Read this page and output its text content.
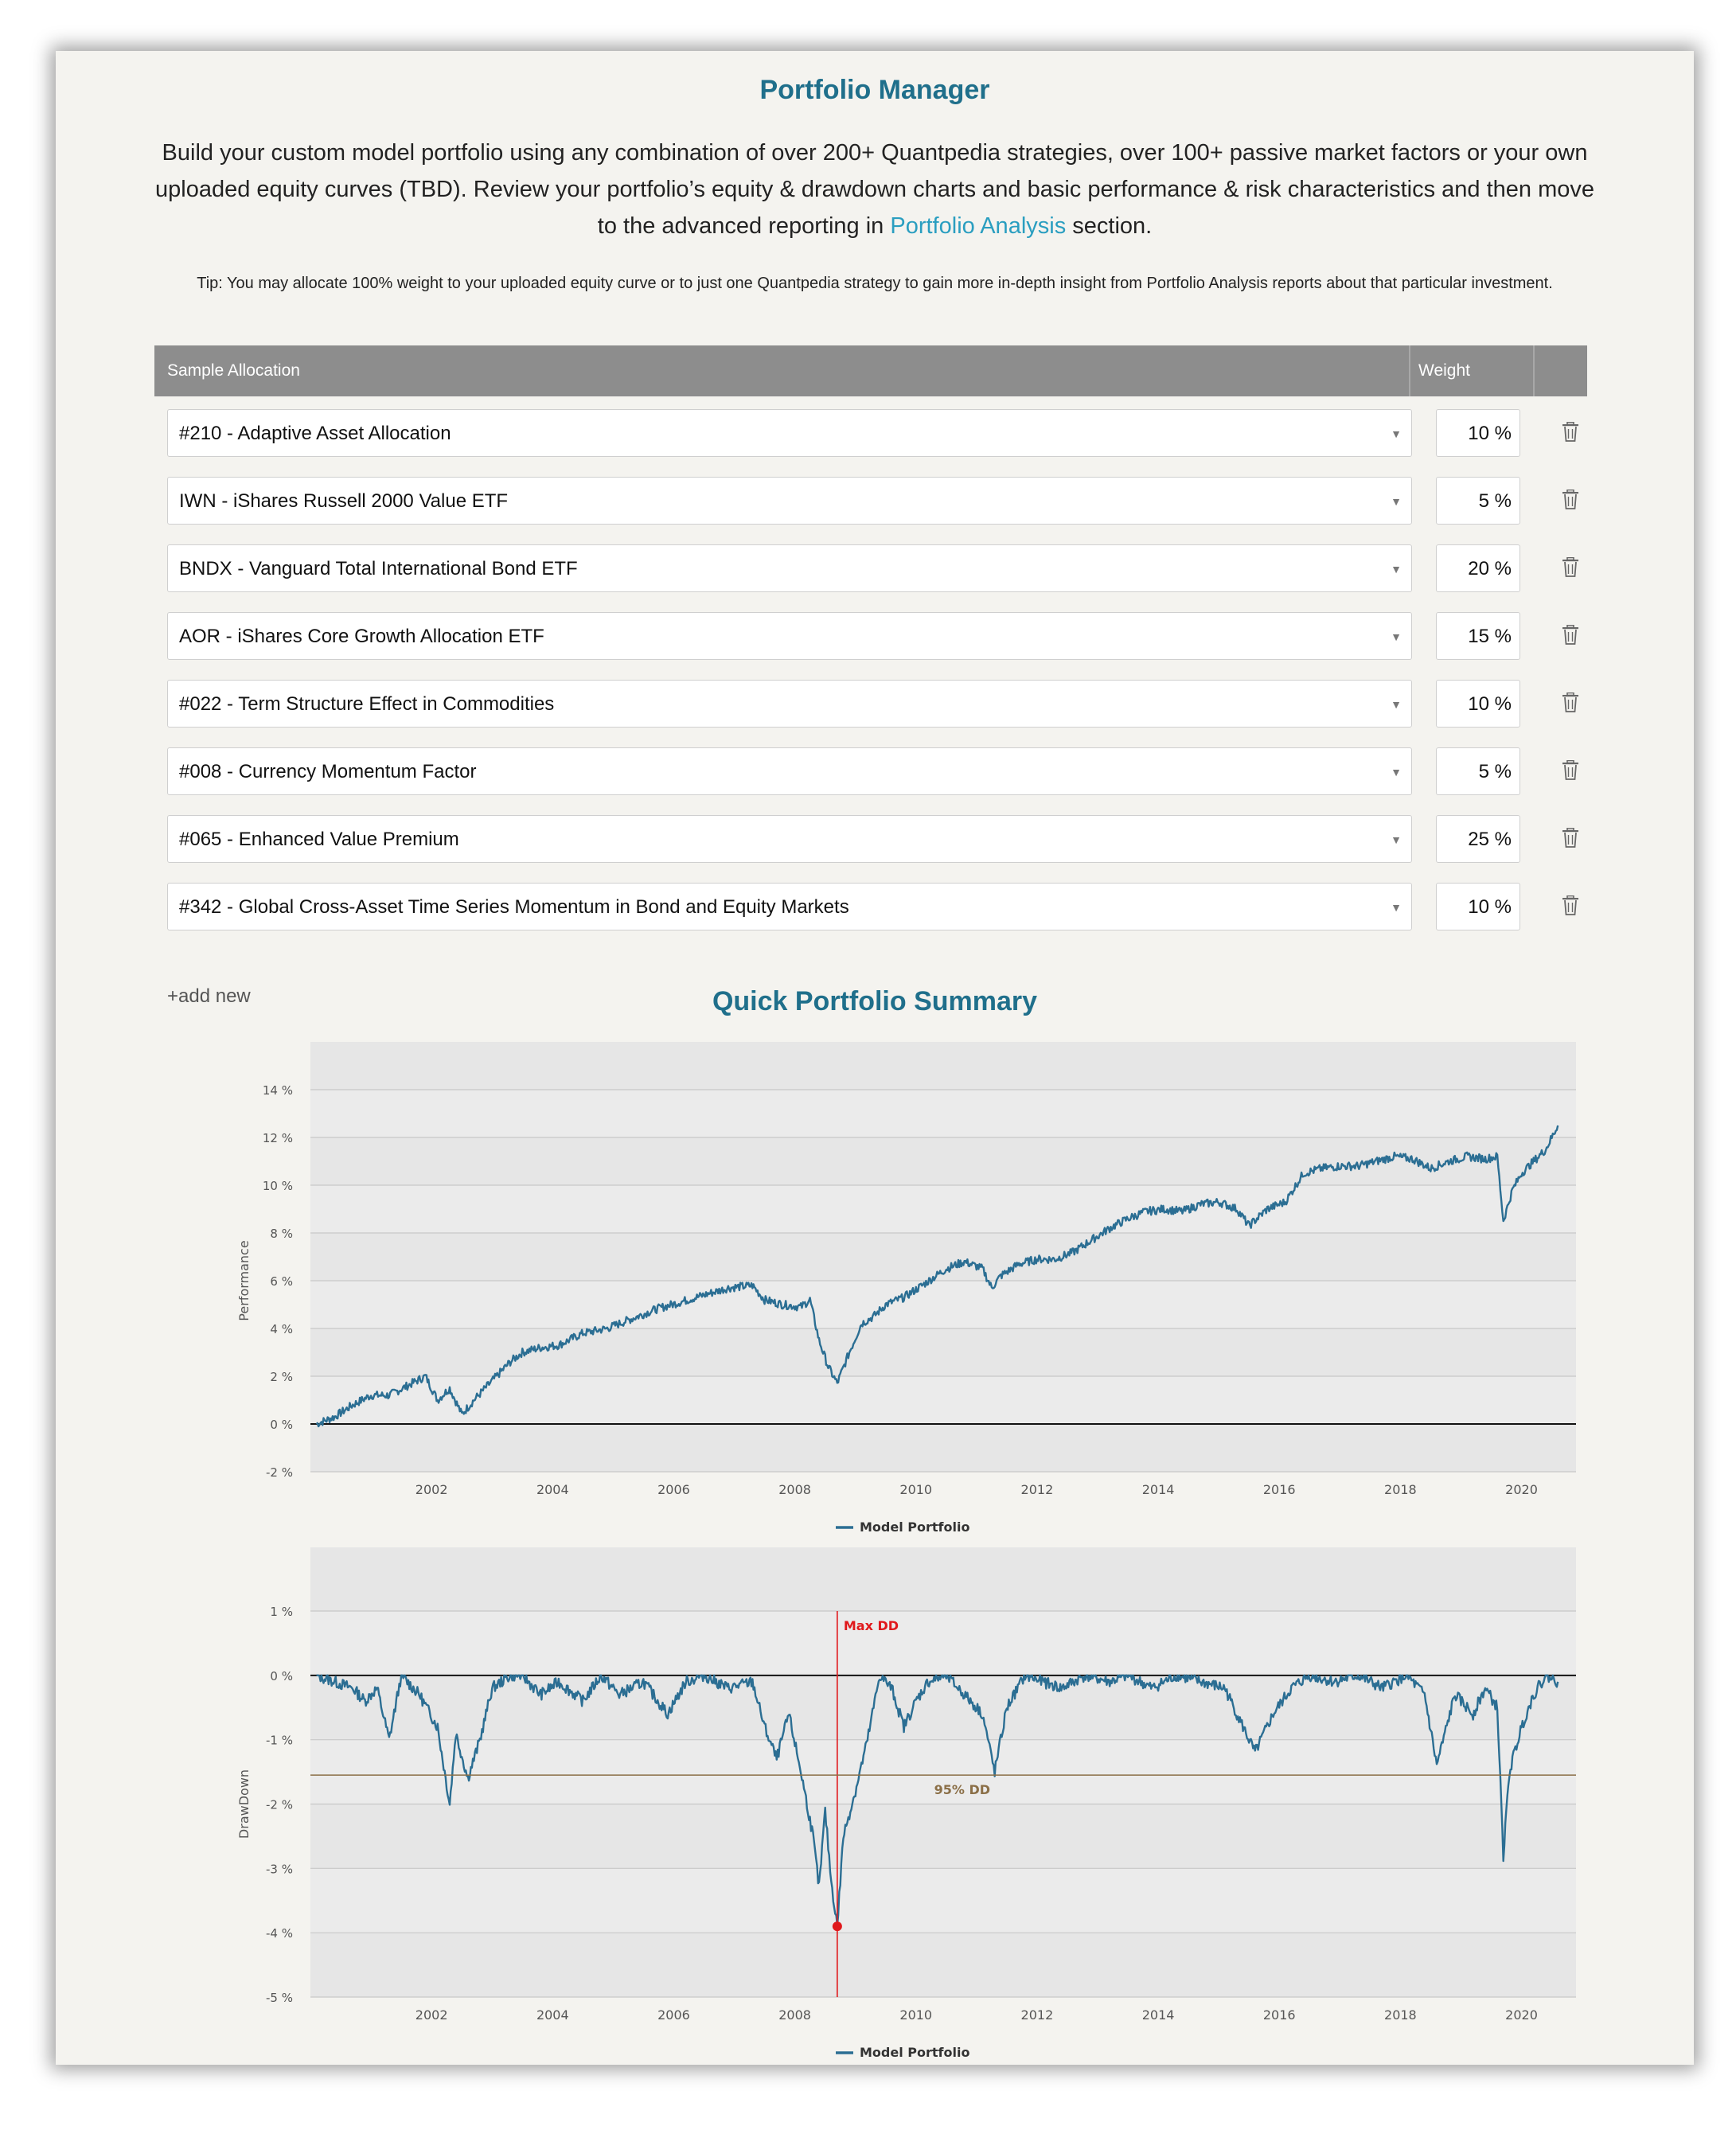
Portfolio Manager
Build your custom model portfolio using any combination of over 200+ Quantpedia strategies, over 100+ passive market factors or your own uploaded equity curves (TBD). Review your portfolio’s equity & drawdown charts and basic performance & risk characteristics and then move to the advanced reporting in Portfolio Analysis section.
Tip: You may allocate 100% weight to your uploaded equity curve or to just one Quantpedia strategy to gain more in-depth insight from Portfolio Analysis reports about that particular investment.
Sample Allocation	Weight
#210 - Adaptive Asset Allocation	▼	10 %
IWN - iShares Russell 2000 Value ETF	▼	5 %
BNDX - Vanguard Total International Bond ETF	▼	20 %
AOR - iShares Core Growth Allocation ETF	▼	15 %
#022 - Term Structure Effect in Commodities	▼	10 %
#008 - Currency Momentum Factor	▼	5 %
#065 - Enhanced Value Premium	▼	25 %
#342 - Global Cross-Asset Time Series Momentum in Bond and Equity Markets	▼	10 %
+add new	Quick Portfolio Summary
-2 %
0 %
2 %
4 %
6 %
8 %
10 %
12 %
14 %
2002	2004	2006	2008	2010	2012	2014	2016	2018	2020
Performance
Model Portfolio
-5 %
-4 %
-3 %
-2 %
-1 %
0 %
1 %
2002	2004	2006	2008	2010	2012	2014	2016	2018	2020
DrawDown
Max DD
95% DD
Model Portfolio
